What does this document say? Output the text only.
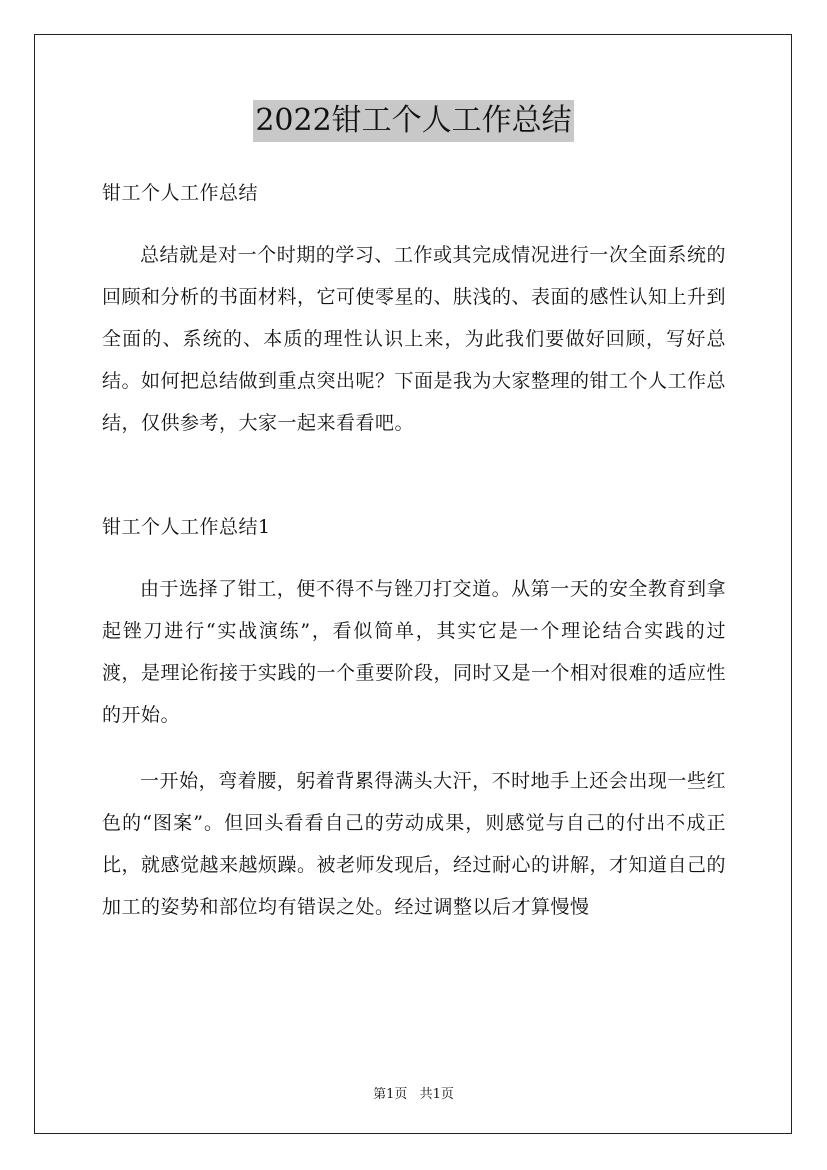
2022钳工个人工作总结

钳工个人工作总结

总结就是对一个时期的学习、工作或其完成情况进行一次全面系统的回顾和分析的书面材料，它可使零星的、肤浅的、表面的感性认知上升到全面的、系统的、本质的理性认识上来，为此我们要做好回顾，写好总结。如何把总结做到重点突出呢？下面是我为大家整理的钳工个人工作总结，仅供参考，大家一起来看看吧。

钳工个人工作总结1

由于选择了钳工，便不得不与锉刀打交道。从第一天的安全教育到拿起锉刀进行“实战演练”，看似简单，其实它是一个理论结合实践的过渡，是理论衔接于实践的一个重要阶段，同时又是一个相对很难的适应性的开始。

一开始，弯着腰，躬着背累得满头大汗，不时地手上还会出现一些红色的“图案”。但回头看看自己的劳动成果，则感觉与自己的付出不成正比，就感觉越来越烦躁。被老师发现后，经过耐心的讲解，才知道自己的加工的姿势和部位均有错误之处。经过调整以后才算慢慢

第1页 共1页
